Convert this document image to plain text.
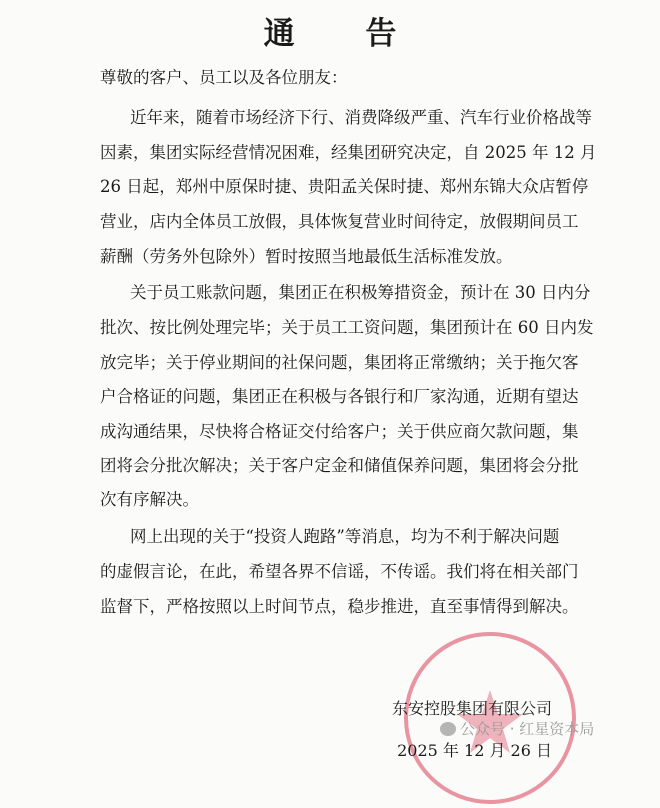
通 告
尊敬的客户、员工以及各位朋友：
近年来，随着市场经济下行、消费降级严重、汽车行业价格战等
因素，集团实际经营情况困难，经集团研究决定，自 2025 年 12 月
26 日起，郑州中原保时捷、贵阳孟关保时捷、郑州东锦大众店暂停
营业，店内全体员工放假，具体恢复营业时间待定，放假期间员工
薪酬（劳务外包除外）暂时按照当地最低生活标准发放。
关于员工账款问题，集团正在积极筹措资金，预计在 30 日内分
批次、按比例处理完毕；关于员工工资问题，集团预计在 60 日内发
放完毕；关于停业期间的社保问题，集团将正常缴纳；关于拖欠客
户合格证的问题，集团正在积极与各银行和厂家沟通，近期有望达
成沟通结果，尽快将合格证交付给客户；关于供应商欠款问题，集
团将会分批次解决；关于客户定金和储值保养问题，集团将会分批
次有序解决。
网上出现的关于“投资人跑路”等消息，均为不利于解决问题
的虚假言论，在此，希望各界不信谣，不传谣。我们将在相关部门
监督下，严格按照以上时间节点，稳步推进，直至事情得到解决。
东安控股集团有限公司
公众号 · 红星资本局
2025 年 12 月 26 日
